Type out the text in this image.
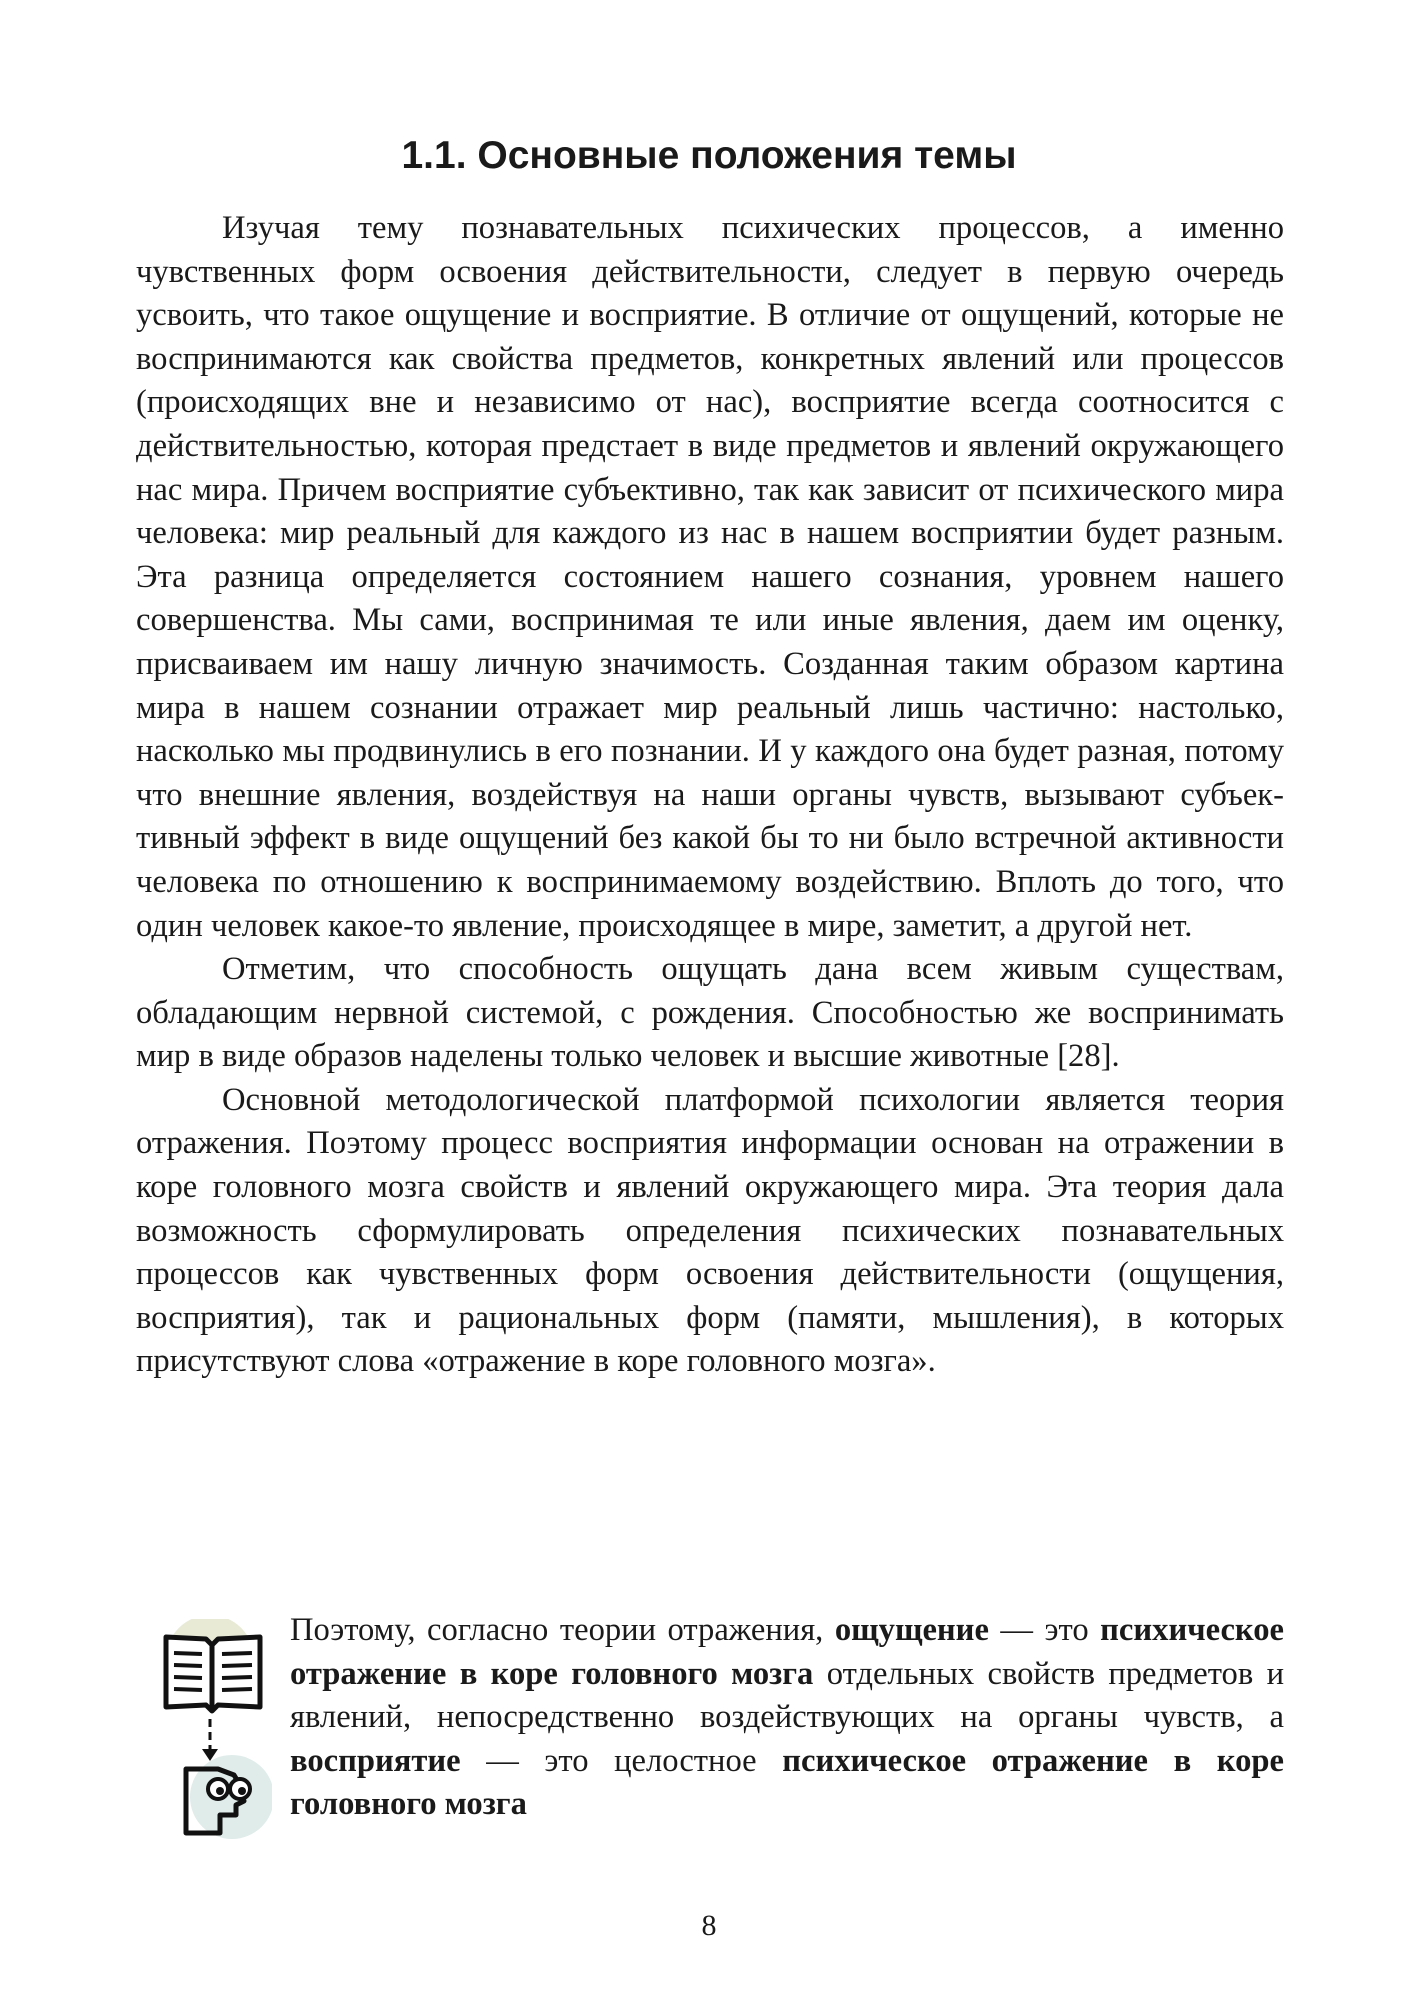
1.1. Основные положения темы

Изучая тему познавательных психических процессов, а именно чувственных форм освоения действительности, следует в первую очередь усвоить, что такое ощущение и восприятие. В отличие от ощущений, которые не воспринимаются как свойства предметов, конкретных явлений или процессов (происходящих вне и независимо от нас), восприятие всегда соотносится с действительностью, которая предстает в виде предметов и явлений окружающего нас мира. Причем восприятие субъективно, так как зависит от психического мира человека: мир реальный для каждого из нас в нашем восприятии будет разным. Эта разница определяется состоянием нашего сознания, уровнем нашего совершенства. Мы сами, воспринимая те или иные явления, даем им оценку, присваиваем им нашу личную значимость. Созданная таким образом картина мира в нашем сознании отражает мир реальный лишь частично: настолько, насколько мы продвинулись в его познании. И у каждого она будет разная, потому что внешние явления, воздействуя на наши органы чувств, вызывают субъективный эффект в виде ощущений без какой бы то ни было встречной активности человека по отношению к воспринимаемому воздействию. Вплоть до того, что один человек какое-то явление, происходящее в мире, заметит, а другой нет.

Отметим, что способность ощущать дана всем живым существам, обладающим нервной системой, с рождения. Способностью же воспринимать мир в виде образов наделены только человек и высшие животные [28].

Основной методологической платформой психологии является теория отражения. Поэтому процесс восприятия информации основан на отражении в коре головного мозга свойств и явлений окружающего мира. Эта теория дала возможность сформулировать определения психических познавательных процессов как чувственных форм освоения действительности (ощущения, восприятия), так и рациональных форм (памяти, мышления), в которых присутствуют слова «отражение в коре головного мозга».

Поэтому, согласно теории отражения, ощущение — это психическое отражение в коре головного мозга отдельных свойств предметов и явлений, непосредственно воздействующих на органы чувств, а восприятие — это целостное психическое отражение в коре головного мозга

8
